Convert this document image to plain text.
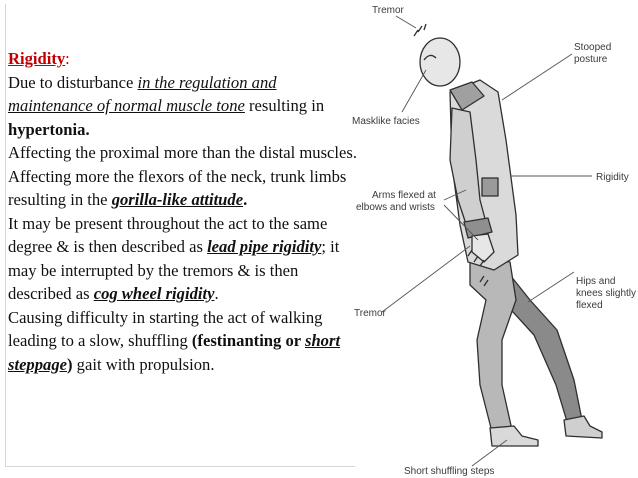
Rigidity:

Due to disturbance in the regulation and maintenance of normal muscle tone resulting in hypertonia.

Affecting the proximal more than the distal muscles.

Affecting more the flexors of the neck, trunk limbs resulting in the gorilla-like attitude.

It may be present throughout the act to the same degree & is then described as lead pipe rigidity; it may be interrupted by the tremors & is then described as cog wheel rigidity.

Causing difficulty in starting the act of walking leading to a slow, shuffling (festinanting or short steppage) gait with propulsion.

Tremor
Stooped
posture
Masklike facies
Rigidity
Arms flexed at
elbows and wrists
Hips and
knees slightly
flexed
Tremor
Short shuffling steps
